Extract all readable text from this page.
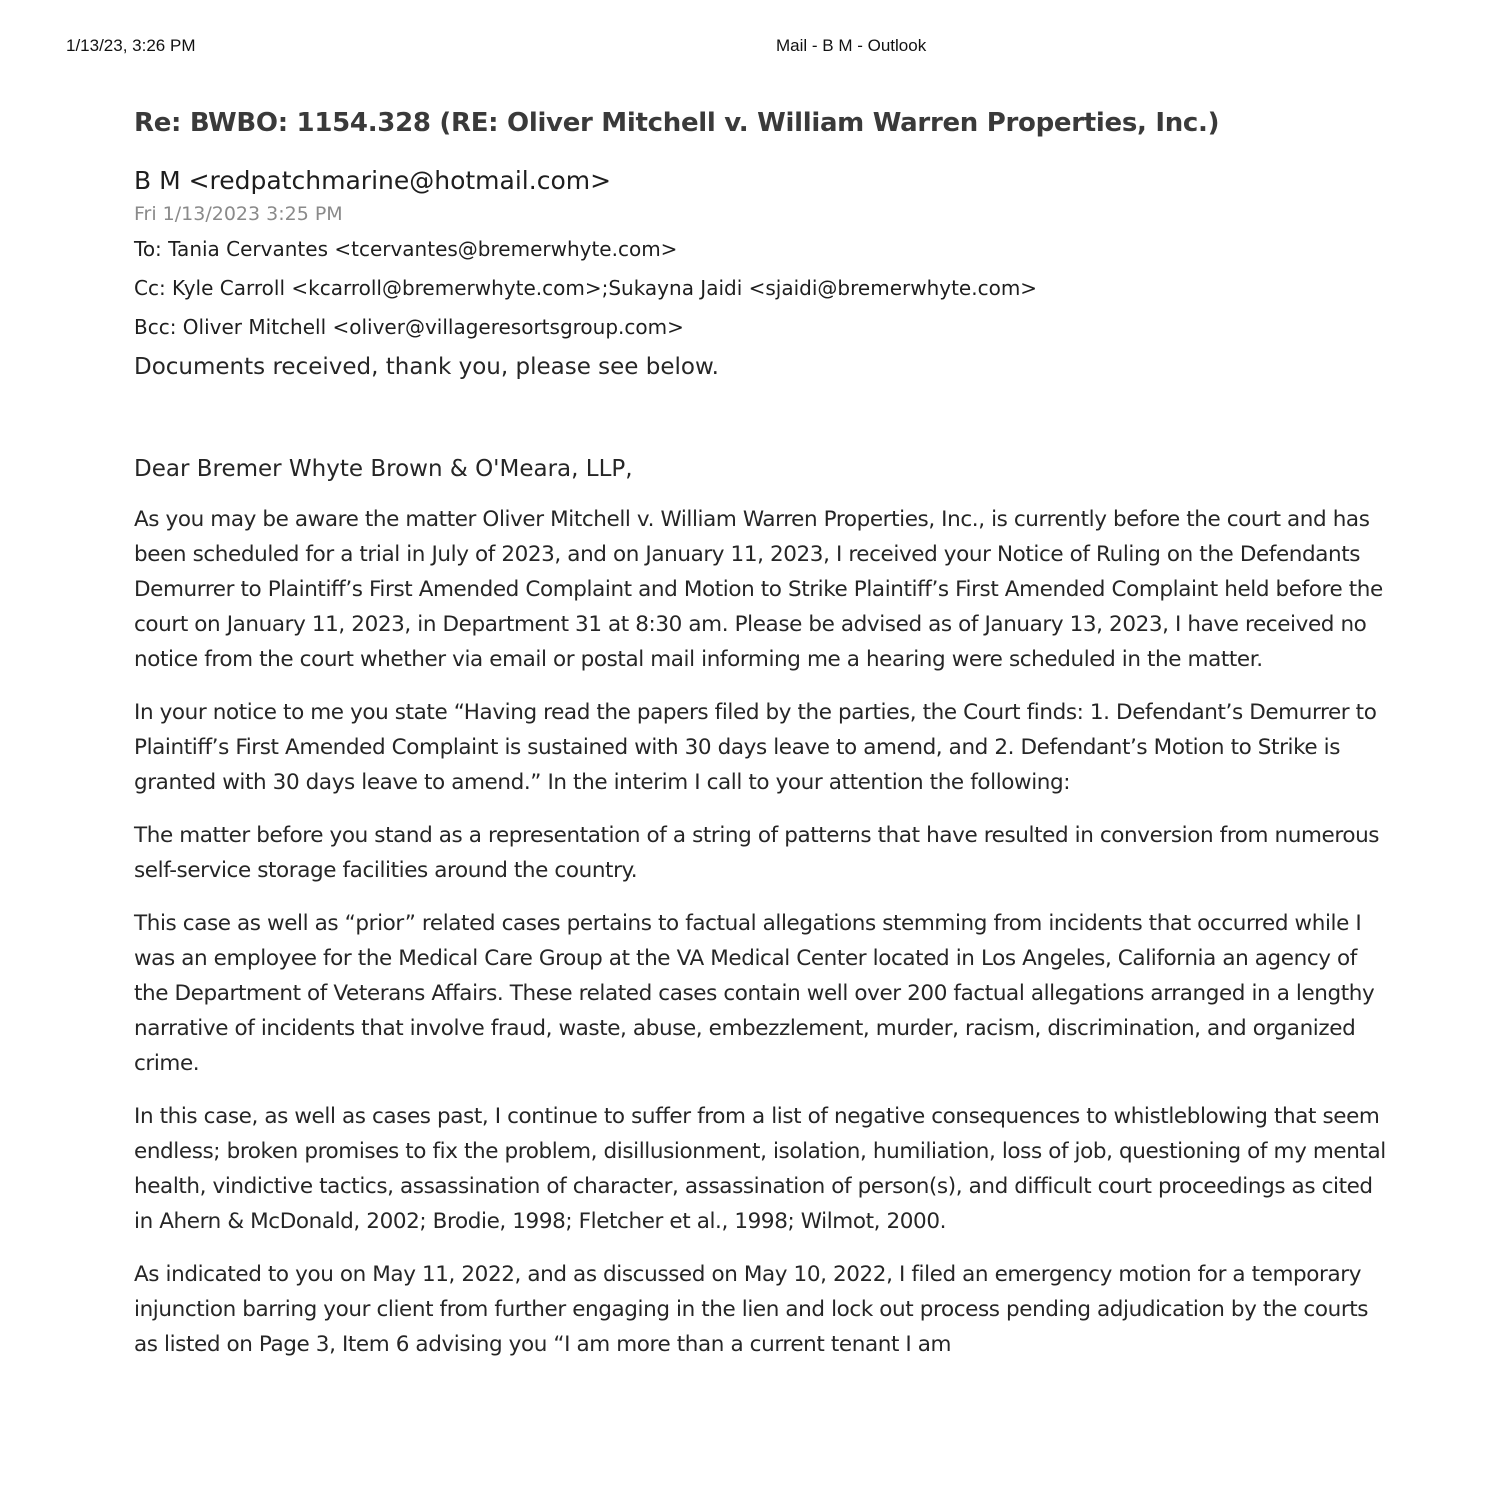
1/13/23, 3:26 PM	Mail - B M - Outlook
Re: BWBO: 1154.328 (RE: Oliver Mitchell v. William Warren Properties, Inc.)
B M <redpatchmarine@hotmail.com>
Fri 1/13/2023 3:25 PM
To: Tania Cervantes <tcervantes@bremerwhyte.com>
Cc: Kyle Carroll <kcarroll@bremerwhyte.com>;Sukayna Jaidi <sjaidi@bremerwhyte.com>
Bcc: Oliver Mitchell <oliver@villageresortsgroup.com>
Documents received, thank you, please see below.
Dear Bremer Whyte Brown & O'Meara, LLP,

As you may be aware the matter Oliver Mitchell v. William Warren Properties, Inc., is currently before the court and has been scheduled for a trial in July of 2023, and on January 11, 2023, I received your Notice of Ruling on the Defendants Demurrer to Plaintiff’s First Amended Complaint and Motion to Strike Plaintiff’s First Amended Complaint held before the court on January 11, 2023, in Department 31 at 8:30 am. Please be advised as of January 13, 2023, I have received no notice from the court whether via email or postal mail informing me a hearing were scheduled in the matter.

In your notice to me you state “Having read the papers filed by the parties, the Court finds: 1. Defendant’s Demurrer to Plaintiff’s First Amended Complaint is sustained with 30 days leave to amend, and 2. Defendant’s Motion to Strike is granted with 30 days leave to amend.” In the interim I call to your attention the following:

The matter before you stand as a representation of a string of patterns that have resulted in conversion from numerous self-service storage facilities around the country.

This case as well as “prior” related cases pertains to factual allegations stemming from incidents that occurred while I was an employee for the Medical Care Group at the VA Medical Center located in Los Angeles, California an agency of the Department of Veterans Affairs. These related cases contain well over 200 factual allegations arranged in a lengthy narrative of incidents that involve fraud, waste, abuse, embezzlement, murder, racism, discrimination, and organized crime.

In this case, as well as cases past, I continue to suffer from a list of negative consequences to whistleblowing that seem endless; broken promises to fix the problem, disillusionment, isolation, humiliation, loss of job, questioning of my mental health, vindictive tactics, assassination of character, assassination of person(s), and difficult court proceedings as cited in Ahern & McDonald, 2002; Brodie, 1998; Fletcher et al., 1998; Wilmot, 2000.

As indicated to you on May 11, 2022, and as discussed on May 10, 2022, I filed an emergency motion for a temporary injunction barring your client from further engaging in the lien and lock out process pending adjudication by the courts as listed on Page 3, Item 6 advising you “I am more than a current tenant I am
